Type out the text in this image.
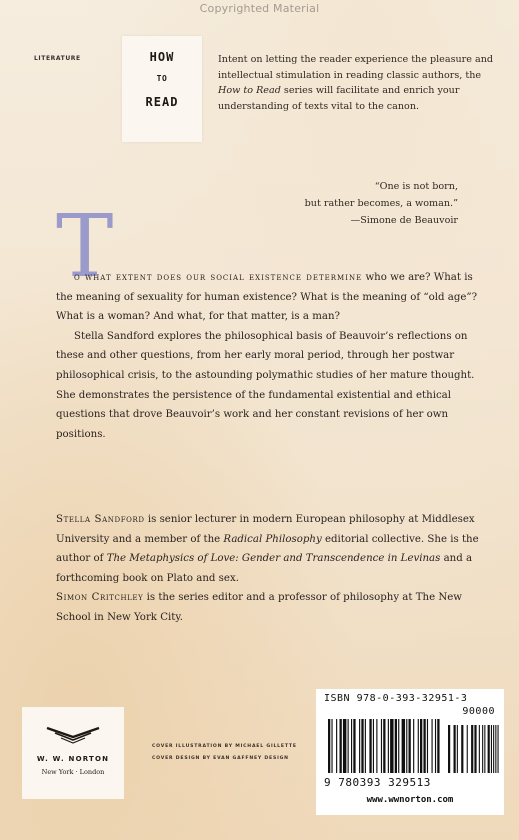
Copyrighted Material
LITERATURE	HOW
TO
READ
Intent on letting the reader experience the pleasure and intellectual stimulation in reading classic authors, the How to Read series will facilitate and enrich your understanding of texts vital to the canon.
“One is not born,
but rather becomes, a woman.”
—Simone de Beauvoir
T

o what extent does our social existence determine who we are? What is the meaning of sexuality for human existence? What is the meaning of “old age”? What is a woman? And what, for that matter, is a man?

Stella Sandford explores the philosophical basis of Beauvoir’s reflections on these and other questions, from her early moral period, through her postwar philosophical crisis, to the astounding polymathic studies of her mature thought. She demonstrates the persistence of the fundamental existential and ethical questions that drove Beauvoir’s work and her constant revisions of her own positions.

Stella Sandford is senior lecturer in modern European philosophy at Middlesex University and a member of the Radical Philosophy editorial collective. She is the author of The Metaphysics of Love: Gender and Transcendence in Levinas and a forthcoming book on Plato and sex.

Simon Critchley is the series editor and a professor of philosophy at The New School in New York City.

W. W. NORTON
New York · London
COVER ILLUSTRATION BY MICHAEL GILLETTE
COVER DESIGN BY EVAN GAFFNEY DESIGN
ISBN 978-0-393-32951-3
90000
9 780393 329513
www.wwnorton.com
